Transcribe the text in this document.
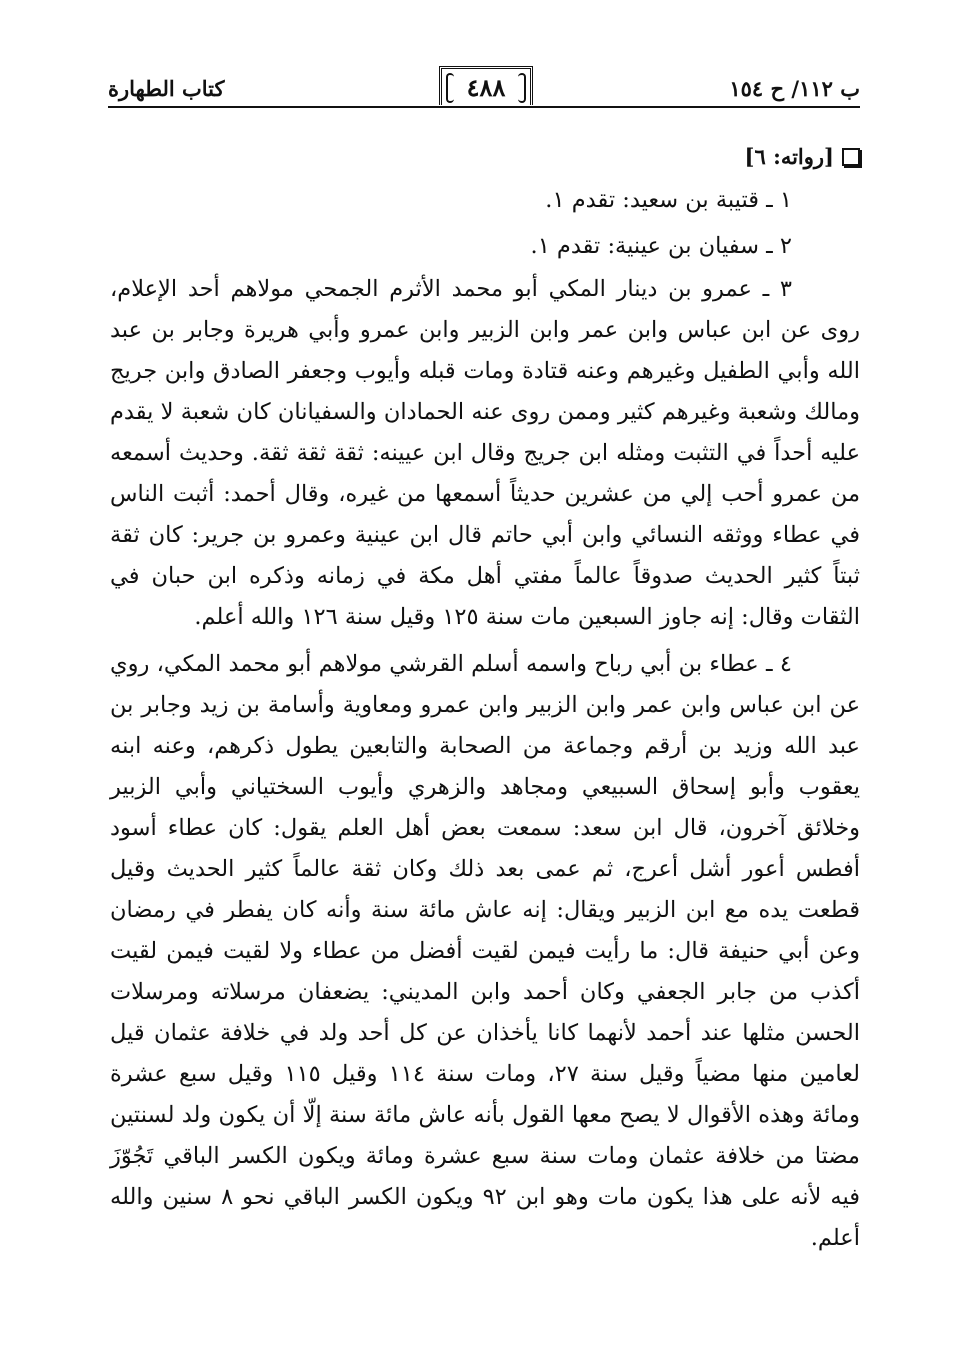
ب ١١٢/ ح ١٥٤
٤٨٨
كتاب الطهارة
[رواته: ٦]
١ ـ قتيبة بن سعيد: تقدم ١.
٢ ـ سفيان بن عينية: تقدم ١.

٣ ـ عمرو بن دينار المكي أبو محمد الأثرم الجمحي مولاهم أحد الإعلام، روى عن ابن عباس وابن عمر وابن الزبير وابن عمرو وأبي هريرة وجابر بن عبد الله وأبي الطفيل وغيرهم وعنه قتادة ومات قبله وأيوب وجعفر الصادق وابن جريج ومالك وشعبة وغيرهم كثير وممن روى عنه الحمادان والسفيانان كان شعبة لا يقدم عليه أحداً في التثبت ومثله ابن جريج وقال ابن عيينه: ثقة ثقة ثقة. وحديث أسمعه من عمرو أحب إلي من عشرين حديثاً أسمعها من غيره، وقال أحمد: أثبت الناس في عطاء ووثقه النسائي وابن أبي حاتم قال ابن عينية وعمرو بن جرير: كان ثقة ثبتاً كثير الحديث صدوقاً عالماً مفتي أهل مكة في زمانه وذكره ابن حبان في الثقات وقال: إنه جاوز السبعين مات سنة ١٢٥ وقيل سنة ١٢٦ والله أعلم.

٤ ـ عطاء بن أبي رباح واسمه أسلم القرشي مولاهم أبو محمد المكي، روي عن ابن عباس وابن عمر وابن الزبير وابن عمرو ومعاوية وأسامة بن زيد وجابر بن عبد الله وزيد بن أرقم وجماعة من الصحابة والتابعين يطول ذكرهم، وعنه ابنه يعقوب وأبو إسحاق السبيعي ومجاهد والزهري وأيوب السختياني وأبي الزبير وخلائق آخرون، قال ابن سعد: سمعت بعض أهل العلم يقول: كان عطاء أسود أفطس أعور أشل أعرج، ثم عمى بعد ذلك وكان ثقة عالماً كثير الحديث وقيل قطعت يده مع ابن الزبير ويقال: إنه عاش مائة سنة وأنه كان يفطر في رمضان وعن أبي حنيفة قال: ما رأيت فيمن لقيت أفضل من عطاء ولا لقيت فيمن لقيت أكذب من جابر الجعفي وكان أحمد وابن المديني: يضعفان مرسلاته ومرسلات الحسن مثلها عند أحمد لأنهما كانا يأخذان عن كل أحد ولد في خلافة عثمان قيل لعامين منها مضياً وقيل سنة ٢٧، ومات سنة ١١٤ وقيل ١١٥ وقيل سبع عشرة ومائة وهذه الأقوال لا يصح معها القول بأنه عاش مائة سنة إلّا أن يكون ولد لسنتين مضتا من خلافة عثمان ومات سنة سبع عشرة ومائة ويكون الكسر الباقي تَجُوّزَ فيه لأنه على هذا يكون مات وهو ابن ٩٢ ويكون الكسر الباقي نحو ٨ سنين والله أعلم.
